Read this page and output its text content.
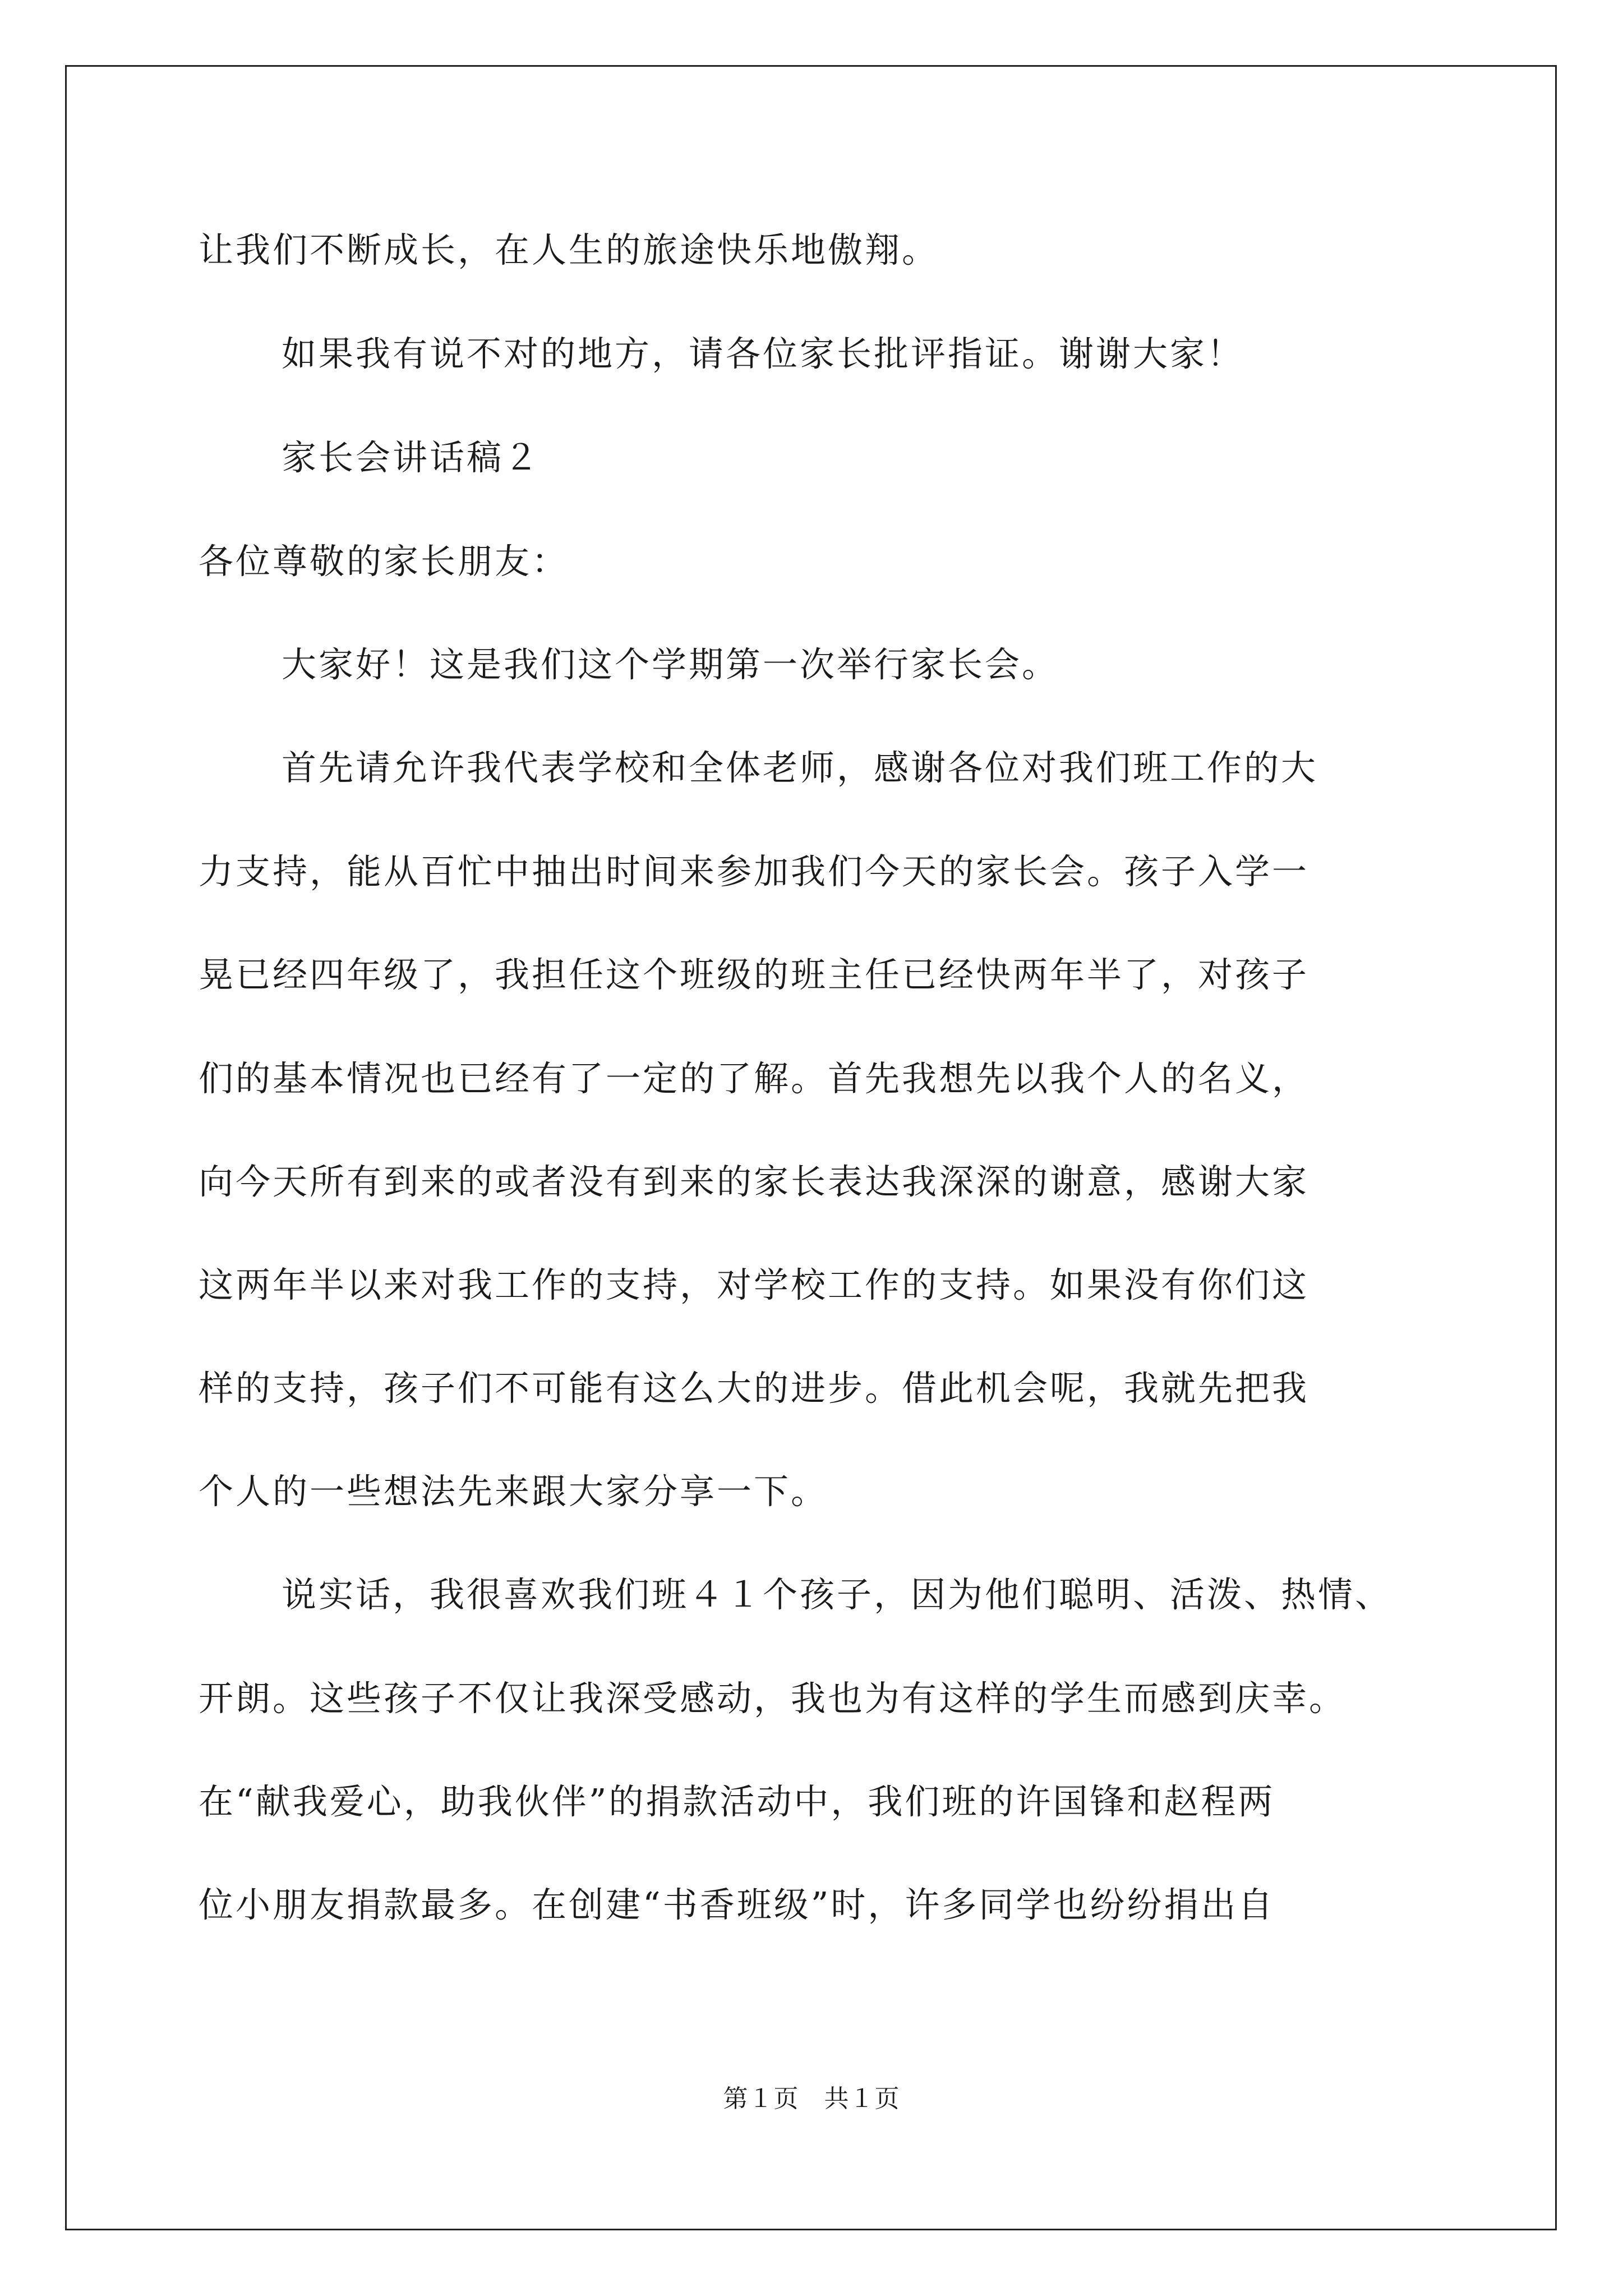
让我们不断成长，在人生的旅途快乐地傲翔。
如果我有说不对的地方，请各位家长批评指证。谢谢大家！
家长会讲话稿２
各位尊敬的家长朋友：
大家好！这是我们这个学期第一次举行家长会。
首先请允许我代表学校和全体老师，感谢各位对我们班工作的大
力支持，能从百忙中抽出时间来参加我们今天的家长会。孩子入学一
晃已经四年级了，我担任这个班级的班主任已经快两年半了，对孩子
们的基本情况也已经有了一定的了解。首先我想先以我个人的名义，
向今天所有到来的或者没有到来的家长表达我深深的谢意，感谢大家
这两年半以来对我工作的支持，对学校工作的支持。如果没有你们这
样的支持，孩子们不可能有这么大的进步。借此机会呢，我就先把我
个人的一些想法先来跟大家分享一下。
说实话，我很喜欢我们班４１个孩子，因为他们聪明、活泼、热情、
开朗。这些孩子不仅让我深受感动，我也为有这样的学生而感到庆幸。
在“献我爱心，助我伙伴”的捐款活动中，我们班的许国锋和赵程两
位小朋友捐款最多。在创建“书香班级”时，许多同学也纷纷捐出自
第１页　共１页
